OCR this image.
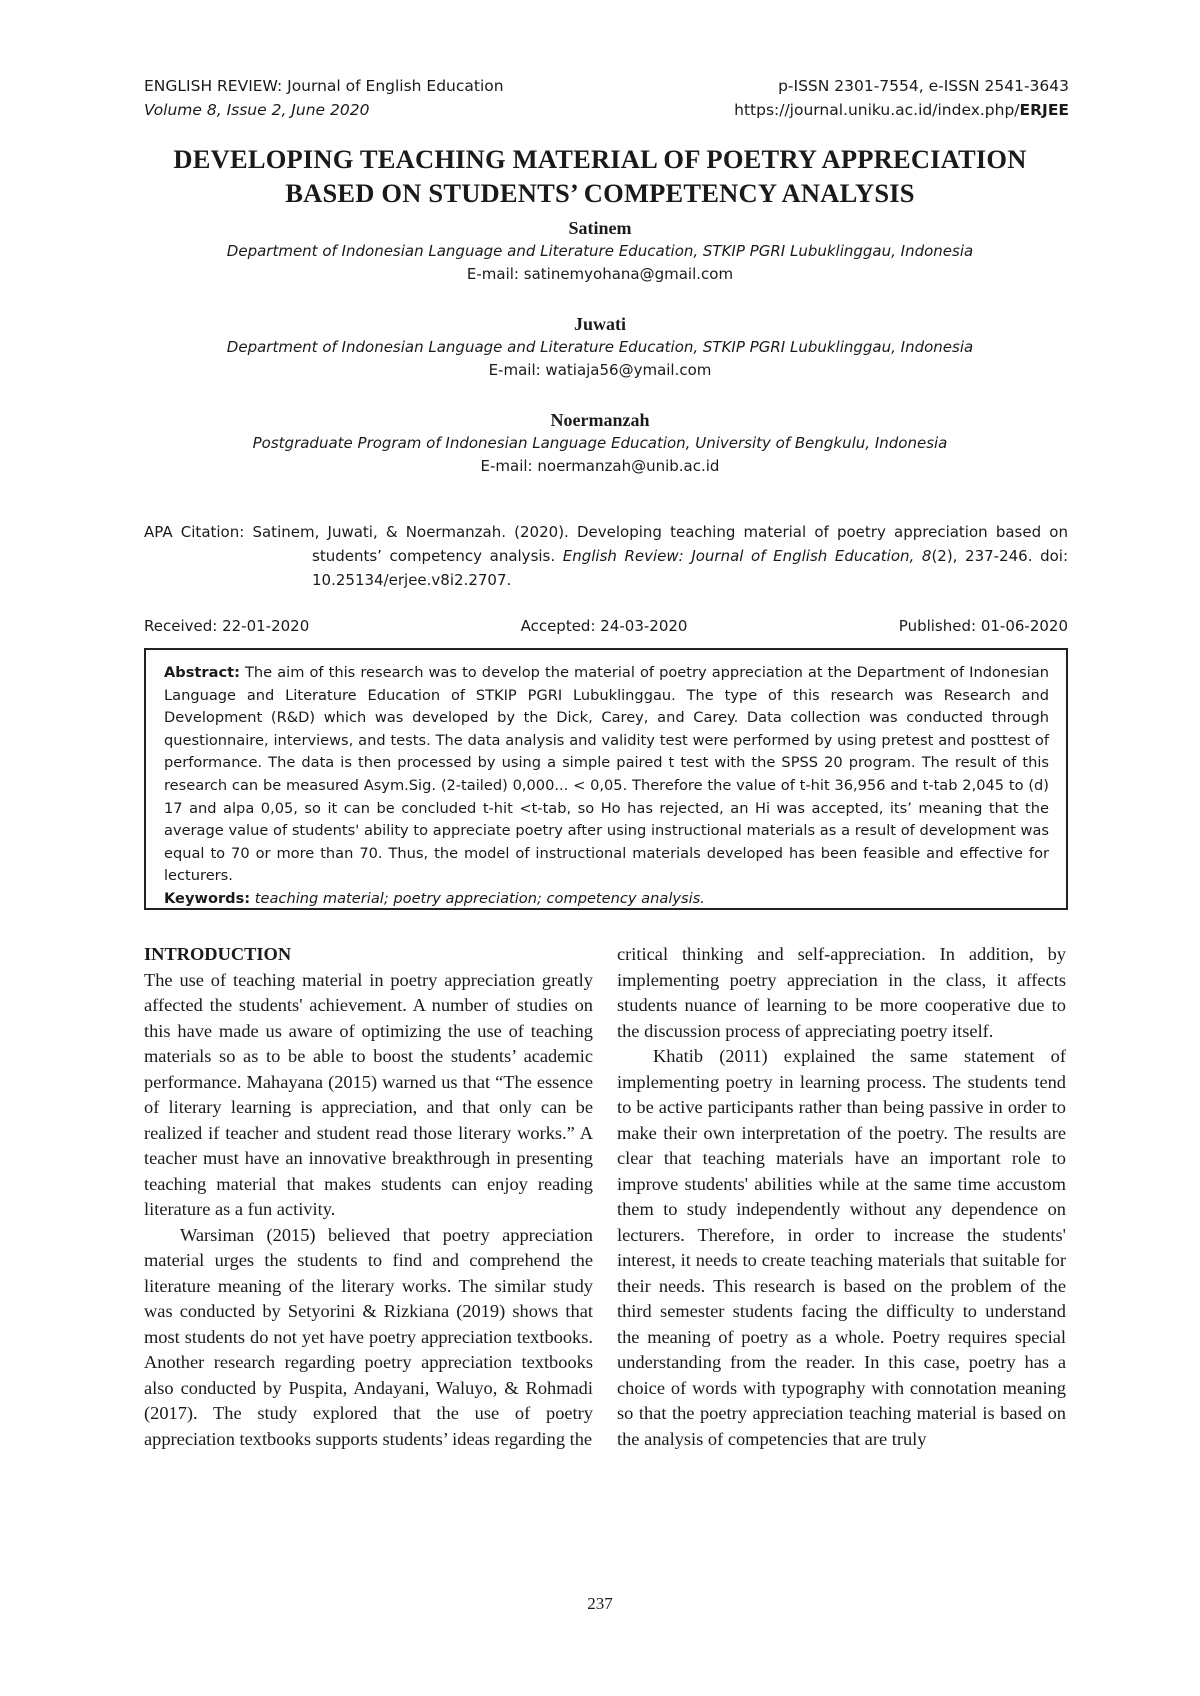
ENGLISH REVIEW: Journal of English Education
Volume 8, Issue 2, June 2020
p-ISSN 2301-7554, e-ISSN 2541-3643
https://journal.uniku.ac.id/index.php/ERJEE
DEVELOPING TEACHING MATERIAL OF POETRY APPRECIATION
BASED ON STUDENTS’ COMPETENCY ANALYSIS
Satinem
Department of Indonesian Language and Literature Education, STKIP PGRI Lubuklinggau, Indonesia
E-mail: satinemyohana@gmail.com
Juwati
Department of Indonesian Language and Literature Education, STKIP PGRI Lubuklinggau, Indonesia
E-mail: watiaja56@ymail.com
Noermanzah
Postgraduate Program of Indonesian Language Education, University of Bengkulu, Indonesia
E-mail: noermanzah@unib.ac.id
APA Citation: Satinem, Juwati, & Noermanzah. (2020). Developing teaching material of poetry appreciation based on students’ competency analysis. English Review: Journal of English Education, 8(2), 237-246. doi: 10.25134/erjee.v8i2.2707.
Received: 22-01-2020	Accepted: 24-03-2020	Published: 01-06-2020
Abstract: The aim of this research was to develop the material of poetry appreciation at the Department of Indonesian Language and Literature Education of STKIP PGRI Lubuklinggau. The type of this research was Research and Development (R&D) which was developed by the Dick, Carey, and Carey. Data collection was conducted through questionnaire, interviews, and tests. The data analysis and validity test were performed by using pretest and posttest of performance. The data is then processed by using a simple paired t test with the SPSS 20 program. The result of this research can be measured Asym.Sig. (2-tailed) 0,000... < 0,05. Therefore the value of t-hit 36,956 and t-tab 2,045 to (d) 17 and alpa 0,05, so it can be concluded t-hit <t-tab, so Ho has rejected, an Hi was accepted, its’ meaning that the average value of students' ability to appreciate poetry after using instructional materials as a result of development was equal to 70 or more than 70. Thus, the model of instructional materials developed has been feasible and effective for lecturers.
Keywords: teaching material; poetry appreciation; competency analysis.
INTRODUCTION

The use of teaching material in poetry appreciation greatly affected the students' achievement. A number of studies on this have made us aware of optimizing the use of teaching materials so as to be able to boost the students’ academic performance. Mahayana (2015) warned us that “The essence of literary learning is appreciation, and that only can be realized if teacher and student read those literary works.” A teacher must have an innovative breakthrough in presenting teaching material that makes students can enjoy reading literature as a fun activity.

Warsiman (2015) believed that poetry appreciation material urges the students to find and comprehend the literature meaning of the literary works. The similar study was conducted by Setyorini & Rizkiana (2019) shows that most students do not yet have poetry appreciation textbooks. Another research regarding poetry appreciation textbooks also conducted by Puspita, Andayani, Waluyo, & Rohmadi (2017). The study explored that the use of poetry appreciation textbooks supports students’ ideas regarding the

critical thinking and self-appreciation. In addition, by implementing poetry appreciation in the class, it affects students nuance of learning to be more cooperative due to the discussion process of appreciating poetry itself.

Khatib (2011) explained the same statement of implementing poetry in learning process. The students tend to be active participants rather than being passive in order to make their own interpretation of the poetry. The results are clear that teaching materials have an important role to improve students' abilities while at the same time accustom them to study independently without any dependence on lecturers. Therefore, in order to increase the students' interest, it needs to create teaching materials that suitable for their needs. This research is based on the problem of the third semester students facing the difficulty to understand the meaning of poetry as a whole. Poetry requires special understanding from the reader. In this case, poetry has a choice of words with typography with connotation meaning so that the poetry appreciation teaching material is based on the analysis of competencies that are truly

237
